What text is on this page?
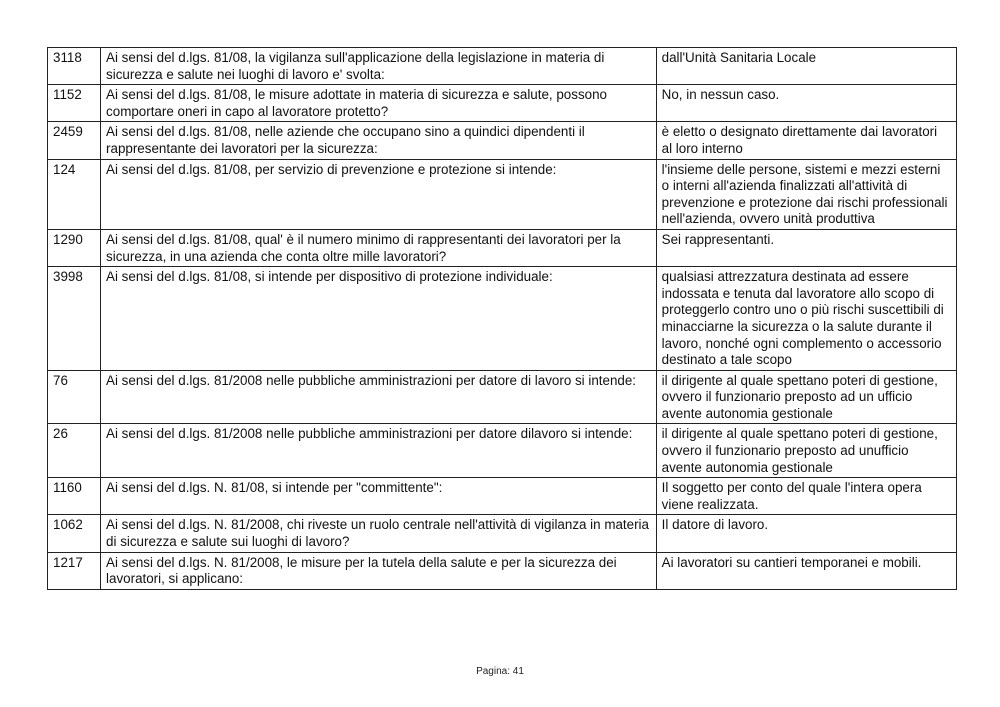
3118	Ai sensi del d.lgs. 81/08, la vigilanza sull'applicazione della legislazione in materia di sicurezza e salute nei luoghi di lavoro e' svolta:	dall'Unità Sanitaria Locale
1152	Ai sensi del d.lgs. 81/08, le misure adottate in materia di sicurezza e salute, possono comportare oneri in capo al lavoratore protetto?	No, in nessun caso.
2459	Ai sensi del d.lgs. 81/08, nelle aziende che occupano sino a quindici dipendenti il rappresentante dei lavoratori per la sicurezza:	è eletto o designato direttamente dai lavoratori al loro interno
124	Ai sensi del d.lgs. 81/08, per servizio di prevenzione e protezione si intende:	l'insieme delle persone, sistemi e mezzi esterni o interni all'azienda finalizzati all'attività di prevenzione e protezione dai rischi professionali nell'azienda, ovvero unità produttiva
1290	Ai sensi del d.lgs. 81/08, qual' è il numero minimo di rappresentanti dei lavoratori per la sicurezza, in una azienda che conta oltre mille lavoratori?	Sei rappresentanti.
3998	Ai sensi del d.lgs. 81/08, si intende per dispositivo di protezione individuale:	qualsiasi attrezzatura destinata ad essere indossata e tenuta dal lavoratore allo scopo di proteggerlo contro uno o più rischi suscettibili di minacciarne la sicurezza o la salute durante il lavoro, nonché ogni complemento o accessorio destinato a tale scopo
76	Ai sensi del d.lgs. 81/2008 nelle pubbliche amministrazioni per datore di lavoro si intende:	il dirigente al quale spettano poteri di gestione, ovvero il funzionario preposto ad un ufficio avente autonomia gestionale
26	Ai sensi del d.lgs. 81/2008 nelle pubbliche amministrazioni per datore dilavoro si intende:	il dirigente al quale spettano poteri di gestione, ovvero il funzionario preposto ad unufficio avente autonomia gestionale
1160	Ai sensi del d.lgs. N. 81/08, si intende per "committente":	Il soggetto per conto del quale l'intera opera viene realizzata.
1062	Ai sensi del d.lgs. N. 81/2008, chi riveste un ruolo centrale nell'attività di vigilanza in materia di sicurezza e salute sui luoghi di lavoro?	Il datore di lavoro.
1217	Ai sensi del d.lgs. N. 81/2008, le misure per la tutela della salute e per la sicurezza dei lavoratori, si applicano:	Ai lavoratori su cantieri temporanei e mobili.
Pagina: 41
